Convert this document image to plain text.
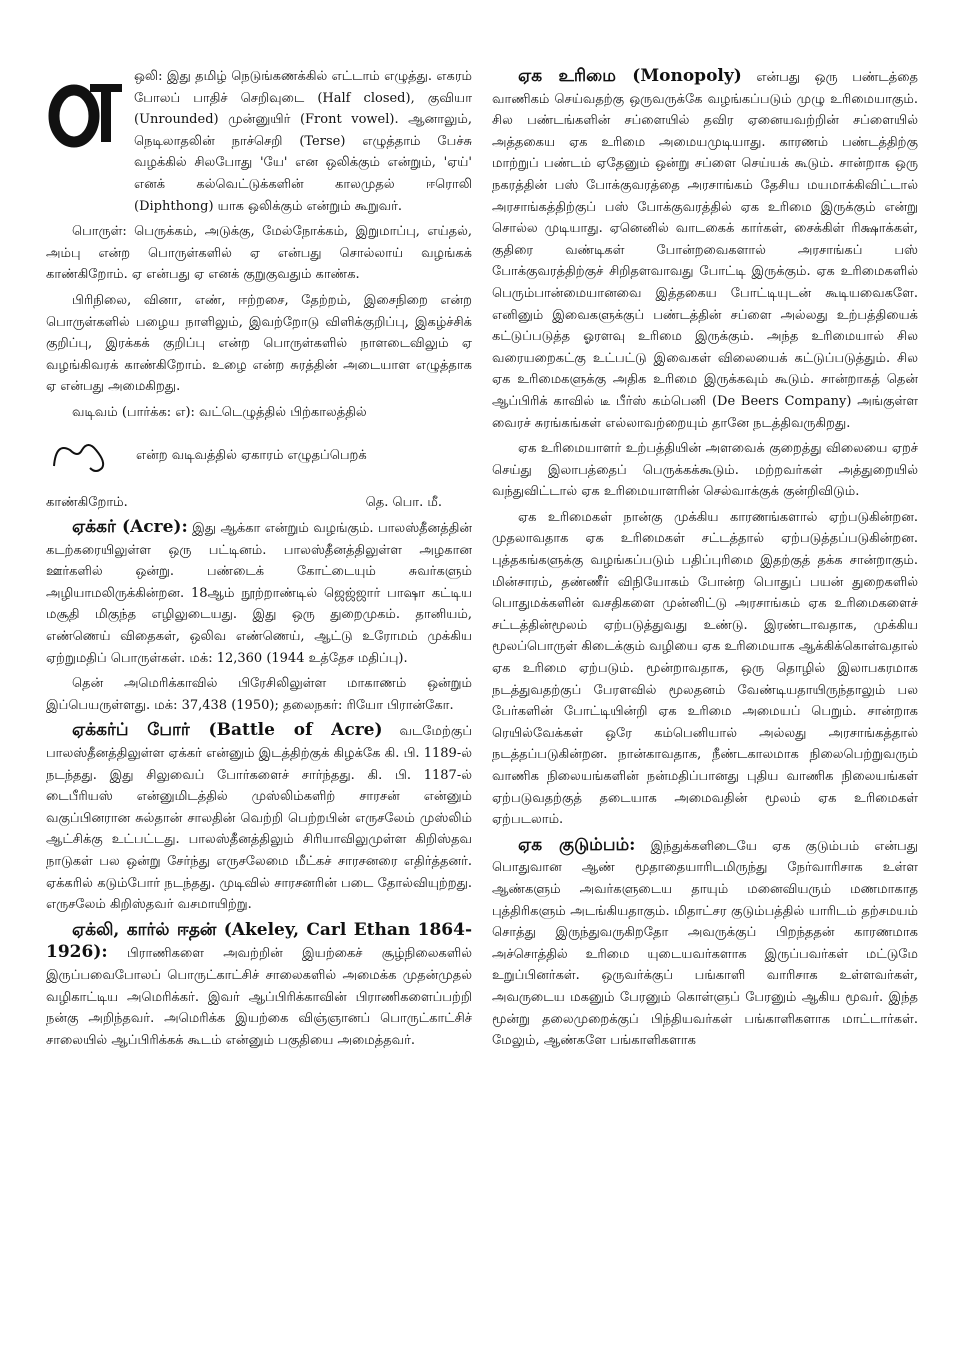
ஒலி: இது தமிழ் நெடுங்கணக்கில் எட்டாம் எழுத்து. எகரம் போலப் பாதிச் செறிவுடை (Half closed), குவியா (Unrounded) முன்னுயிர் (Front vowel). ஆனாலும், நெடிலாதலின் நாச்செறி (Terse) எழுத்தாம் பேச்சு வழக்கில் சிலபோது 'யே' என ஒலிக்கும் என்றும், 'ஏய்' எனக் கல்வெட்டுக்களின் காலமுதல் ஈரொலி (Diphthong) யாக ஒலிக்கும் என்றும் கூறுவர்.

பொருள்: பெருக்கம், அடுக்கு, மேல்நோக்கம், இறுமாப்பு, எய்தல், அம்பு என்ற பொருள்களில் ஏ என்பது சொல்லாய் வழங்கக் காண்கிறோம். ஏ என்பது ஏ எனக் குறுகுவதும் காண்க.

பிரிநிலை, வினா, எண், ஈற்றசை, தேற்றம், இசைநிறை என்ற பொருள்களில் பழைய நாளிலும், இவற்றோடு விளிக்குறிப்பு, இகழ்ச்சிக் குறிப்பு, இரக்கக் குறிப்பு என்ற பொருள்களில் நாளடைவிலும் ஏ வழங்கிவரக் காண்கிறோம். உழை என்ற சுரத்தின் அடையாள எழுத்தாக ஏ என்பது அமைகிறது.

வடிவம் (பார்க்க: எ): வட்டெழுத்தில் பிற்காலத்தில்

என்ற வடிவத்தில் ஏகாரம் எழுதப்பெறக்
காண்கிறோம்.	தெ. பொ. மீ.

ஏக்கர் (Acre): இது ஆக்கா என்றும் வழங்கும். பாலஸ்தீனத்தின் கடற்கரையிலுள்ள ஒரு பட்டினம். பாலஸ்தீனத்திலுள்ள அழகான ஊர்களில் ஒன்று. பண்டைக் கோட்டையும் சுவர்களும் அழியாமலிருக்கின்றன. 18ஆம் நூற்றாண்டில் ஜெஜ்ஜார் பாஷா கட்டிய மசூதி மிகுந்த எழிலுடையது. இது ஒரு துறைமுகம். தானியம், எண்ணெய் விதைகள், ஒலிவ எண்ணெய், ஆட்டு உரோமம் முக்கிய ஏற்றுமதிப் பொருள்கள். மக்: 12,360 (1944 உத்தேச மதிப்பு).

தென் அமெரிக்காவில் பிரேசிலிலுள்ள மாகாணம் ஒன்றும் இப்பெயருள்ளது. மக்: 37,438 (1950); தலைநகர்: ரியோ பிரான்கோ.

ஏக்கர்ப் போர் (Battle of Acre) வடமேற்குப் பாலஸ்தீனத்திலுள்ள ஏக்கர் என்னும் இடத்திற்குக் கிழக்கே கி. பி. 1189-ல் நடந்தது. இது சிலுவைப் போர்களைச் சார்ந்தது. கி. பி. 1187-ல் டைபீரியஸ் என்னுமிடத்தில் முஸ்லிம்களிற் சாரசன் என்னும் வகுப்பினரான சுல்தான் சாலதின் வெற்றி பெற்றபின் எருசலேம் முஸ்லிம் ஆட்சிக்கு உட்பட்டது. பாலஸ்தீனத்திலும் சிரியாவிலுமுள்ள கிறிஸ்தவ நாடுகள் பல ஒன்று சேர்ந்து எருசலேமை மீட்கச் சாரசனரை எதிர்த்தனர். ஏக்கரில் கடும்போர் நடந்தது. முடிவில் சாரசனரின் படை தோல்வியுற்றது. எருசலேம் கிறிஸ்தவர் வசமாயிற்று.

ஏக்லி, கார்ல் ஈதன் (Akeley, Carl Ethan 1864-1926): பிராணிகளை அவற்றின் இயற்கைச் சூழ்நிலைகளில் இருப்பவைபோலப் பொருட்காட்சிச் சாலைகளில் அமைக்க முதன்முதல் வழிகாட்டிய அமெரிக்கர். இவர் ஆப்பிரிக்காவின் பிராணிகளைப்பற்றி நன்கு அறிந்தவர். அமெரிக்க இயற்கை விஞ்ஞானப் பொருட்காட்சிச் சாலையில் ஆப்பிரிக்கக் கூடம் என்னும் பகுதியை அமைத்தவர்.

ஏக உரிமை (Monopoly) என்பது ஒரு பண்டத்தை வாணிகம் செய்வதற்கு ஒருவருக்கே வழங்கப்படும் முழு உரிமையாகும். சில பண்டங்களின் சப்ளையில் தவிர ஏனையவற்றின் சப்ளையில் அத்தகைய ஏக உரிமை அமையமுடியாது. காரணம் பண்டத்திற்கு மாற்றுப் பண்டம் ஏதேனும் ஒன்று சப்ளை செய்யக் கூடும். சான்றாக ஒரு நகரத்தின் பஸ் போக்குவரத்தை அரசாங்கம் தேசிய மயமாக்கிவிட்டால் அரசாங்கத்திற்குப் பஸ் போக்குவரத்தில் ஏக உரிமை இருக்கும் என்று சொல்ல முடியாது. ஏனெனில் வாடகைக் கார்கள், சைக்கிள் ரிக்ஷாக்கள், குதிரை வண்டிகள் போன்றவைகளால் அரசாங்கப் பஸ் போக்குவரத்திற்குச் சிறிதளவாவது போட்டி இருக்கும். ஏக உரிமைகளில் பெரும்பான்மையானவை இத்தகைய போட்டியுடன் கூடியவைகளே. எனினும் இவைகளுக்குப் பண்டத்தின் சப்ளை அல்லது உற்பத்தியைக் கட்டுப்படுத்த ஓரளவு உரிமை இருக்கும். அந்த உரிமையால் சில வரையறைகட்கு உட்பட்டு இவைகள் விலையைக் கட்டுப்படுத்தும். சில ஏக உரிமைகளுக்கு அதிக உரிமை இருக்கவும் கூடும். சான்றாகத் தென் ஆப்பிரிக் காவில் டீ பீர்ஸ் கம்பெனி (De Beers Company) அங்குள்ள வைரச் சுரங்கங்கள் எல்லாவற்றையும் தானே நடத்திவருகிறது.

ஏக உரிமையாளர் உற்பத்தியின் அளவைக் குறைத்து விலையை ஏறச் செய்து இலாபத்தைப் பெருக்கக்கூடும். மற்றவர்கள் அத்துறையில் வந்துவிட்டால் ஏக உரிமையாளரின் செல்வாக்குக் குன்றிவிடும்.

ஏக உரிமைகள் நான்கு முக்கிய காரணங்களால் ஏற்படுகின்றன. முதலாவதாக ஏக உரிமைகள் சட்டத்தால் ஏற்படுத்தப்படுகின்றன. புத்தகங்களுக்கு வழங்கப்படும் பதிப்புரிமை இதற்குத் தக்க சான்றாகும். மின்சாரம், தண்ணீர் விநியோகம் போன்ற பொதுப் பயன் துறைகளில் பொதுமக்களின் வசதிகளை முன்னிட்டு அரசாங்கம் ஏக உரிமைகளைச் சட்டத்தின்மூலம் ஏற்படுத்துவது உண்டு. இரண்டாவதாக, முக்கிய மூலப்பொருள் கிடைக்கும் வழியை ஏக உரிமையாக ஆக்கிக்கொள்வதால் ஏக உரிமை ஏற்படும். மூன்றாவதாக, ஒரு தொழில் இலாபகரமாக நடத்துவதற்குப் பேரளவில் மூலதனம் வேண்டியதாயிருந்தாலும் பல பேர்களின் போட்டியின்றி ஏக உரிமை அமையப் பெறும். சான்றாக ரெயில்வேக்கள் ஒரே கம்பெனியால் அல்லது அரசாங்கத்தால் நடத்தப்படுகின்றன. நான்காவதாக, நீண்டகாலமாக நிலைபெற்றுவரும் வாணிக நிலையங்களின் நன்மதிப்பானது புதிய வாணிக நிலையங்கள் ஏற்படுவதற்குத் தடையாக அமைவதின் மூலம் ஏக உரிமைகள் ஏற்படலாம்.

ஏக குடும்பம்: இந்துக்களிடையே ஏக குடும்பம் என்பது பொதுவான ஆண் மூதாதையாரிடமிருந்து நேர்வாரிசாக உள்ள ஆண்களும் அவர்களுடைய தாயும் மனைவியரும் மணமாகாத புத்திரிகளும் அடங்கியதாகும். மிதாட்சர குடும்பத்தில் யாரிடம் தற்சமயம் சொத்து இருந்துவருகிறதோ அவருக்குப் பிறந்ததன் காரணமாக அச்சொத்தில் உரிமை யுடையவர்களாக இருப்பவர்கள் மட்டுமே உறுப்பினர்கள். ஒருவர்க்குப் பங்காளி வாரிசாக உள்ளவர்கள், அவருடைய மகனும் பேரனும் கொள்ளுப் பேரனும் ஆகிய மூவர். இந்த மூன்று தலைமுறைக்குப் பிந்தியவர்கள் பங்காளிகளாக மாட்டார்கள். மேலும், ஆண்களே பங்காளிகளாக
